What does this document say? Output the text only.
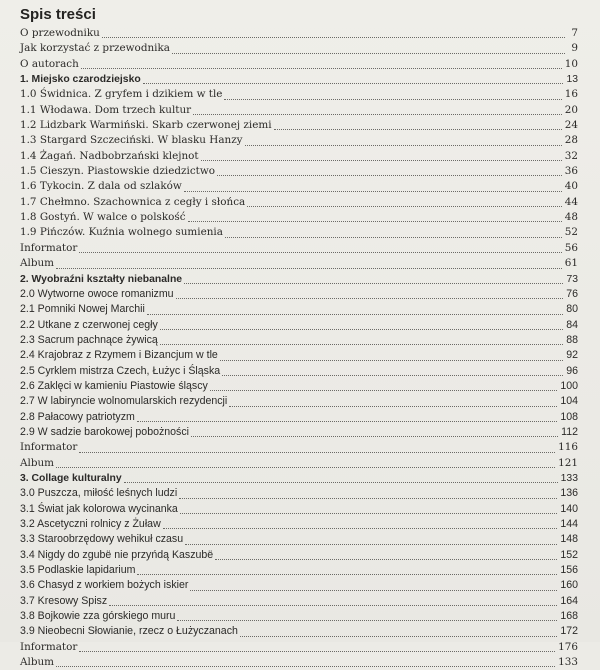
Spis treści
O przewodniku	7
Jak korzystać z przewodnika	9
O autorach	10
1. Miejsko czarodziejsko	13
1.0 Świdnica. Z gryfem i dzikiem w tle	16
1.1 Włodawa. Dom trzech kultur	20
1.2 Lidzbark Warmiński. Skarb czerwonej ziemi	24
1.3 Stargard Szczeciński. W blasku Hanzy	28
1.4 Żagań. Nadbobrzański klejnot	32
1.5 Cieszyn. Piastowskie dziedzictwo	36
1.6 Tykocin. Z dala od szlaków	40
1.7 Chełmno. Szachownica z cegły i słońca	44
1.8 Gostyń. W walce o polskość	48
1.9 Pińczów. Kuźnia wolnego sumienia	52
Informator	56
Album	61
2. Wyobraźni kształty niebanalne	73
2.0 Wytworne owoce romanizmu	76
2.1 Pomniki Nowej Marchii	80
2.2 Utkane z czerwonej cegły	84
2.3 Sacrum pachnące żywicą	88
2.4 Krajobraz z Rzymem i Bizancjum w tle	92
2.5 Cyrklem mistrza Czech, Łużyc i Śląska	96
2.6 Zaklęci w kamieniu Piastowie śląscy	100
2.7 W labiryncie wolnomularskich rezydencji	104
2.8 Pałacowy patriotyzm	108
2.9 W sadzie barokowej pobożności	112
Informator	116
Album	121
3. Collage kulturalny	133
3.0 Puszcza, miłość leśnych ludzi	136
3.1 Świat jak kolorowa wycinanka	140
3.2 Ascetyczni rolnicy z Żuław	144
3.3 Staroobrzędowy wehikuł czasu	148
3.4 Nigdy do zgubë nie przyńdą Kaszubë	152
3.5 Podlaskie lapidarium	156
3.6 Chasyd z workiem bożych iskier	160
3.7 Kresowy Spisz	164
3.8 Bojkowie zza górskiego muru	168
3.9 Nieobecni Słowianie, rzecz o Łużyczanach	172
Informator	176
Album	133
